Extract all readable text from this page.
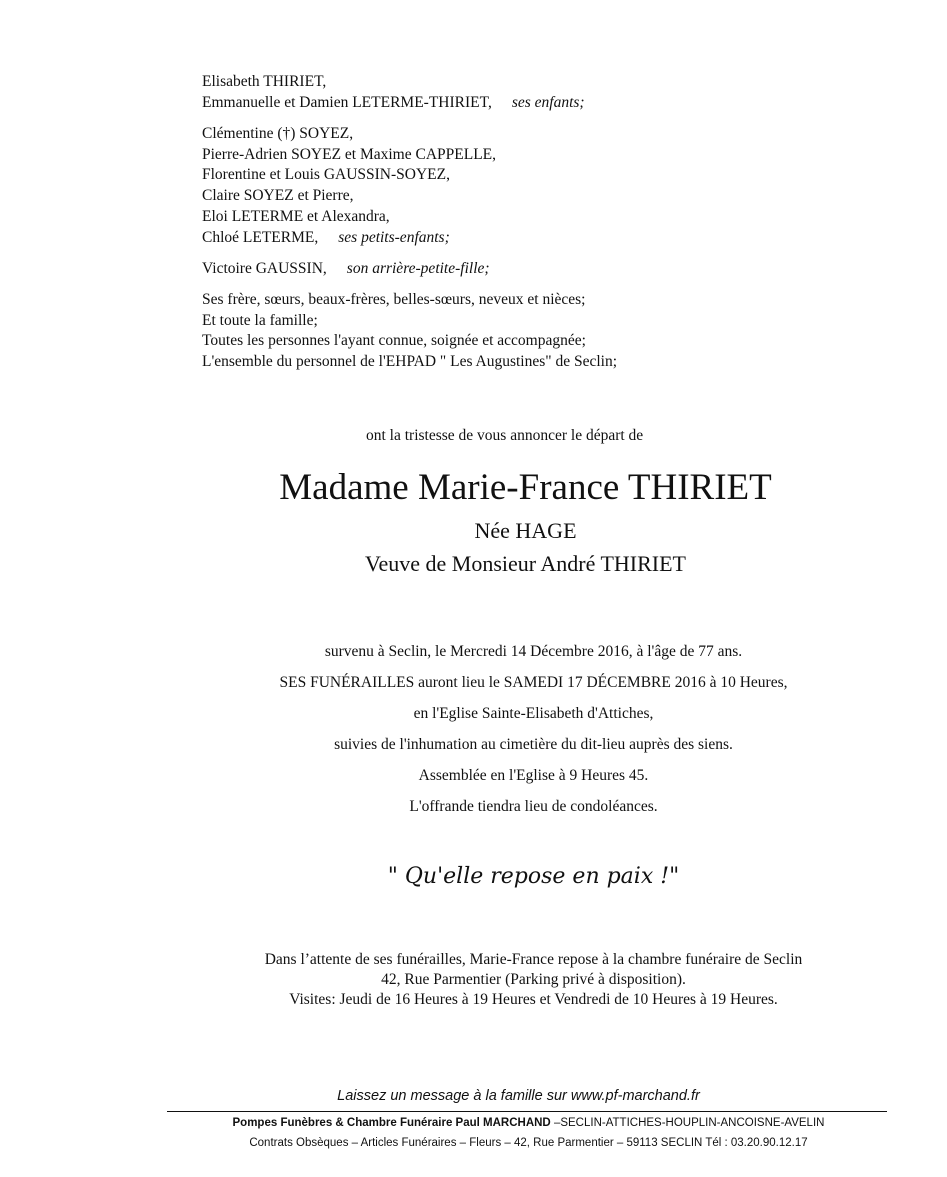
Elisabeth THIRIET,
Emmanuelle et Damien LETERME-THIRIET, ses enfants;
Clémentine (†) SOYEZ,
Pierre-Adrien SOYEZ et Maxime CAPPELLE,
Florentine et Louis GAUSSIN-SOYEZ,
Claire SOYEZ et Pierre,
Eloi LETERME et Alexandra,
Chloé LETERME, ses petits-enfants;
Victoire GAUSSIN, son arrière-petite-fille;
Ses frère, sœurs, beaux-frères, belles-sœurs, neveux et nièces;
Et toute la famille;
Toutes les personnes l'ayant connue, soignée et accompagnée;
L'ensemble du personnel de l'EHPAD " Les Augustines" de Seclin;
ont la tristesse de vous annoncer le départ de
Madame Marie-France THIRIET
Née HAGE
Veuve de Monsieur André THIRIET
survenu à Seclin, le Mercredi 14 Décembre 2016, à l'âge de 77 ans.
SES FUNÉRAILLES auront lieu le SAMEDI 17 DÉCEMBRE 2016 à 10 Heures,
en l'Eglise Sainte-Elisabeth d'Attiches,
suivies de l'inhumation au cimetière du dit-lieu auprès des siens.
Assemblée en l'Eglise à 9 Heures 45.
L'offrande tiendra lieu de condoléances.
" Qu'elle repose en paix !"
Dans l’attente de ses funérailles, Marie-France repose à la chambre funéraire de Seclin
42, Rue Parmentier (Parking privé à disposition).
Visites: Jeudi de 16 Heures à 19 Heures et Vendredi de 10 Heures à 19 Heures.
Laissez un message à la famille sur www.pf-marchand.fr
Pompes Funèbres & Chambre Funéraire Paul MARCHAND –SECLIN-ATTICHES-HOUPLIN-ANCOISNE-AVELIN
Contrats Obsèques – Articles Funéraires – Fleurs – 42, Rue Parmentier – 59113 SECLIN Tél : 03.20.90.12.17
